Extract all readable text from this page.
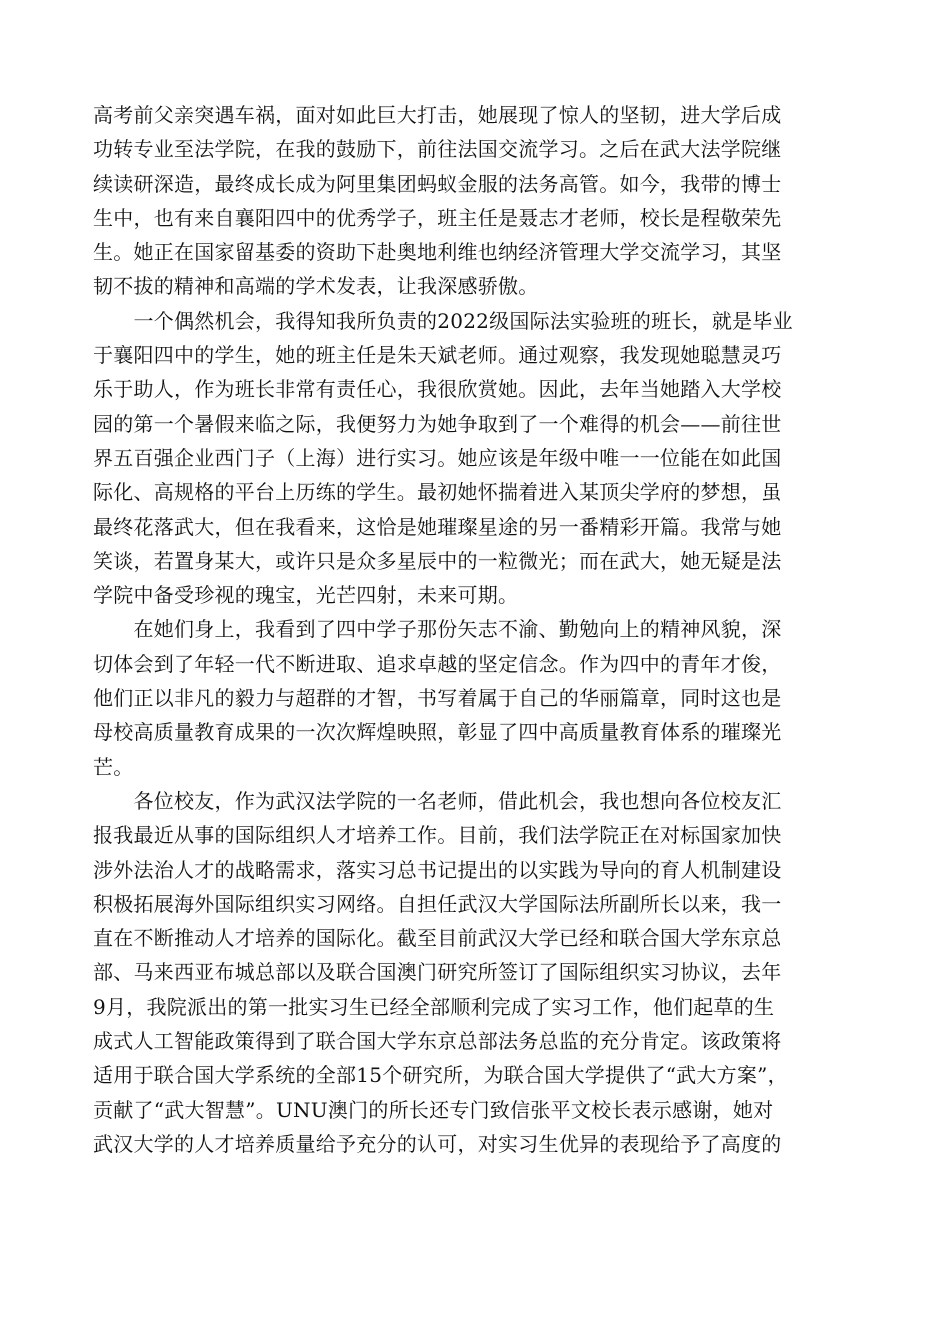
高考前父亲突遇车祸，面对如此巨大打击，她展现了惊人的坚韧，进大学后成
功转专业至法学院，在我的鼓励下，前往法国交流学习。之后在武大法学院继
续读研深造，最终成长成为阿里集团蚂蚁金服的法务高管。如今，我带的博士
生中，也有来自襄阳四中的优秀学子，班主任是聂志才老师，校长是程敬荣先
生。她正在国家留基委的资助下赴奥地利维也纳经济管理大学交流学习，其坚
韧不拔的精神和高端的学术发表，让我深感骄傲。
　　一个偶然机会，我得知我所负责的2022级国际法实验班的班长，就是毕业
于襄阳四中的学生，她的班主任是朱天斌老师。通过观察，我发现她聪慧灵巧
乐于助人，作为班长非常有责任心，我很欣赏她。因此，去年当她踏入大学校
园的第一个暑假来临之际，我便努力为她争取到了一个难得的机会——前往世
界五百强企业西门子（上海）进行实习。她应该是年级中唯一一位能在如此国
际化、高规格的平台上历练的学生。最初她怀揣着进入某顶尖学府的梦想，虽
最终花落武大，但在我看来，这恰是她璀璨星途的另一番精彩开篇。我常与她
笑谈，若置身某大，或许只是众多星辰中的一粒微光；而在武大，她无疑是法
学院中备受珍视的瑰宝，光芒四射，未来可期。
　　在她们身上，我看到了四中学子那份矢志不渝、勤勉向上的精神风貌，深
切体会到了年轻一代不断进取、追求卓越的坚定信念。作为四中的青年才俊，
他们正以非凡的毅力与超群的才智，书写着属于自己的华丽篇章，同时这也是
母校高质量教育成果的一次次辉煌映照，彰显了四中高质量教育体系的璀璨光
芒。
　　各位校友，作为武汉法学院的一名老师，借此机会，我也想向各位校友汇
报我最近从事的国际组织人才培养工作。目前，我们法学院正在对标国家加快
涉外法治人才的战略需求，落实习总书记提出的以实践为导向的育人机制建设
积极拓展海外国际组织实习网络。自担任武汉大学国际法所副所长以来，我一
直在不断推动人才培养的国际化。截至目前武汉大学已经和联合国大学东京总
部、马来西亚布城总部以及联合国澳门研究所签订了国际组织实习协议，去年
9月，我院派出的第一批实习生已经全部顺利完成了实习工作，他们起草的生
成式人工智能政策得到了联合国大学东京总部法务总监的充分肯定。该政策将
适用于联合国大学系统的全部15个研究所，为联合国大学提供了“武大方案”，
贡献了“武大智慧”。UNU澳门的所长还专门致信张平文校长表示感谢，她对
武汉大学的人才培养质量给予充分的认可，对实习生优异的表现给予了高度的
